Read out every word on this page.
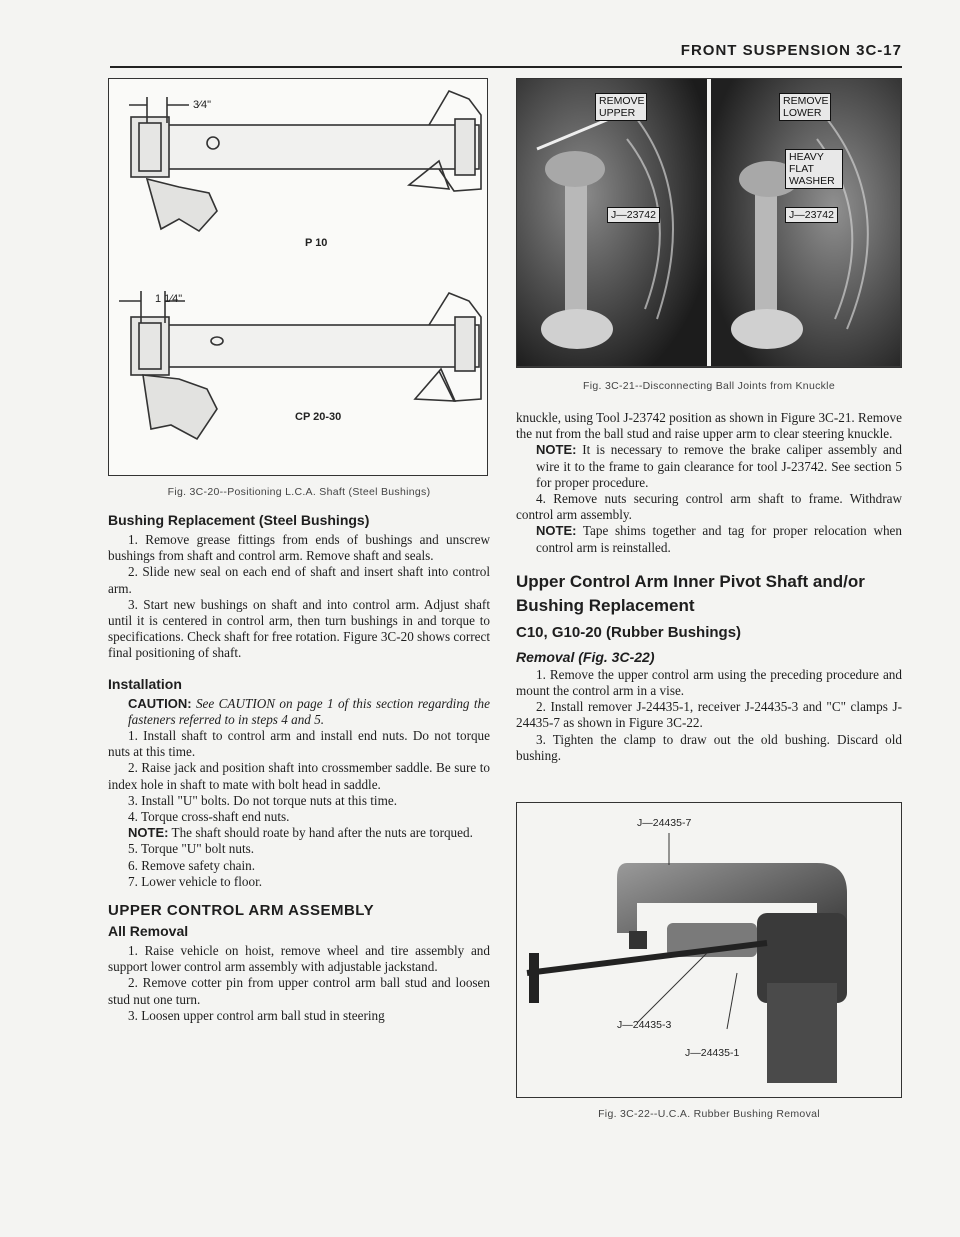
FRONT SUSPENSION 3C-17
3⁄4"
P 10
1 1⁄4"
CP 20-30
Fig. 3C-20--Positioning L.C.A. Shaft (Steel Bushings)
Bushing Replacement (Steel Bushings)

1. Remove grease fittings from ends of bushings and unscrew bushings from shaft and control arm. Remove shaft and seals.

2. Slide new seal on each end of shaft and insert shaft into control arm.

3. Start new bushings on shaft and into control arm. Adjust shaft until it is centered in control arm, then turn bushings in and torque to specifications. Check shaft for free rotation. Figure 3C-20 shows correct final positioning of shaft.

Installation

CAUTION: See CAUTION on page 1 of this section regarding the fasteners referred to in steps 4 and 5.

1. Install shaft to control arm and install end nuts. Do not torque nuts at this time.

2. Raise jack and position shaft into crossmember saddle. Be sure to index hole in shaft to mate with bolt head in saddle.

3. Install "U" bolts. Do not torque nuts at this time.

4. Torque cross-shaft end nuts.

NOTE: The shaft should roate by hand after the nuts are torqued.

5. Torque "U" bolt nuts.

6. Remove safety chain.

7. Lower vehicle to floor.

UPPER CONTROL ARM ASSEMBLY
All Removal

1. Raise vehicle on hoist, remove wheel and tire assembly and support lower control arm assembly with adjustable jackstand.

2. Remove cotter pin from upper control arm ball stud and loosen stud nut one turn.

3. Loosen upper control arm ball stud in steering

REMOVE UPPER
REMOVE LOWER
HEAVY FLAT WASHER
J—23742	J—23742
Fig. 3C-21--Disconnecting Ball Joints from Knuckle

knuckle, using Tool J-23742 position as shown in Figure 3C-21. Remove the nut from the ball stud and raise upper arm to clear steering knuckle.

NOTE: It is necessary to remove the brake caliper assembly and wire it to the frame to gain clearance for tool J-23742. See section 5 for proper procedure.

4. Remove nuts securing control arm shaft to frame. Withdraw control arm assembly.

NOTE: Tape shims together and tag for proper relocation when control arm is reinstalled.

Upper Control Arm Inner Pivot Shaft and/or Bushing Replacement
C10, G10-20 (Rubber Bushings)
Removal (Fig. 3C-22)

1. Remove the upper control arm using the preceding procedure and mount the control arm in a vise.

2. Install remover J-24435-1, receiver J-24435-3 and "C" clamps J-24435-7 as shown in Figure 3C-22.

3. Tighten the clamp to draw out the old bushing. Discard old bushing.

J—24435-7
J—24435-3
J—24435-1
Fig. 3C-22--U.C.A. Rubber Bushing Removal
